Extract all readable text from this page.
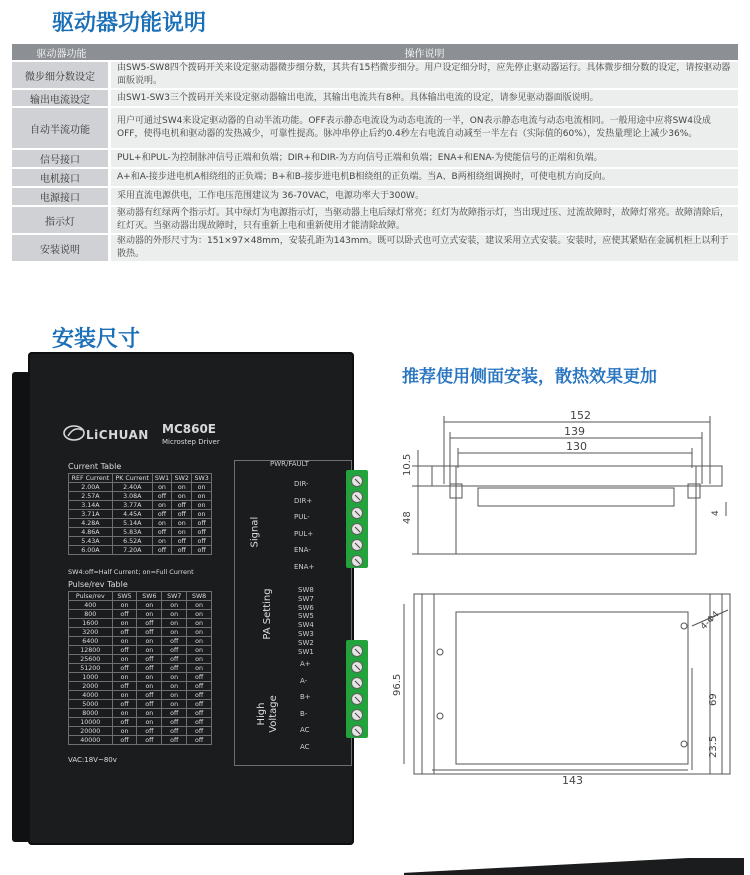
驱动器功能说明
驱动器功能	操作说明
微步细分数设定	由SW5-SW8四个拨码开关来设定驱动器微步细分数，其共有15档微步细分。用户设定细分时，应先停止驱动器运行。具体微步细分数的设定，请按驱动器面版说明。
输出电流设定	由SW1-SW3三个拨码开关来设定驱动器输出电流，其输出电流共有8种。具体输出电流的设定，请参见驱动器面版说明。
自动半流功能	用户可通过SW4来设定驱动器的自动半流功能。OFF表示静态电流设为动态电流的一半，ON表示静态电流与动态电流相同。一般用途中应将SW4设成OFF，使得电机和驱动器的发热减少，可靠性提高。脉冲串停止后约0.4秒左右电流自动减至一半左右（实际值的60%），发热量理论上减少36%。
信号接口	PUL+和PUL-为控制脉冲信号正端和负端；DIR+和DIR-为方向信号正端和负端；ENA+和ENA-为使能信号的正端和负端。
电机接口	A+和A-接步进电机A相绕组的正负端；B+和B-接步进电机B相绕组的正负端。当A、B两相绕组调换时，可使电机方向反向。
电源接口	采用直流电源供电，工作电压范围建议为 36-70VAC，电源功率大于300W。
指示灯	驱动器有红绿两个指示灯。其中绿灯为电源指示灯，当驱动器上电后绿灯常亮；红灯为故障指示灯，当出现过压、过流故障时，故障灯常亮。故障清除后，红灯灭。当驱动器出现故障时，只有重新上电和重新使用才能清除故障。
安装说明	驱动器的外形尺寸为：151×97×48mm，安装孔距为143mm。既可以卧式也可立式安装，建议采用立式安装。安装时，应使其紧贴在金属机柜上以利于散热。
安装尺寸
推荐使用侧面安装，散热效果更加
LiCHUAN MC860E
Microstep Driver
Current Table
REF Current	PK Current	SW1	SW2	SW3
2.00A	2.40A	on	on	on
2.57A	3.08A	off	on	on
3.14A	3.77A	on	off	on
3.71A	4.45A	off	off	on
4.28A	5.14A	on	on	off
4.86A	5.83A	off	on	off
5.43A	6.52A	on	off	off
6.00A	7.20A	off	off	off
SW4:off=Half Current; on=Full Current
Pulse/rev Table
Pulse/rev	SW5	SW6	SW7	SW8
400	on	on	on	on
800	off	on	on	on
1600	on	off	on	on
3200	off	off	on	on
6400	on	on	off	on
12800	off	on	off	on
25600	on	off	off	on
51200	off	off	off	on
1000	on	on	on	off
2000	off	on	on	off
4000	on	off	on	off
5000	off	off	on	off
8000	on	on	off	off
10000	off	on	off	off
20000	on	off	off	off
40000	off	off	off	off
VAC:18V~80v
PWR/FAULT
Signal
DIR-
DIR+
PUL-
PUL+
ENA-
ENA+
PA Setting	SW8
SW7
SW6
SW5
SW4
SW3
SW2
SW1
High Voltage
A+
A-
B+
B-
AC
AC
152
139
130
10.5
48	4
96.5
69
23.5
143
4-Φ4
